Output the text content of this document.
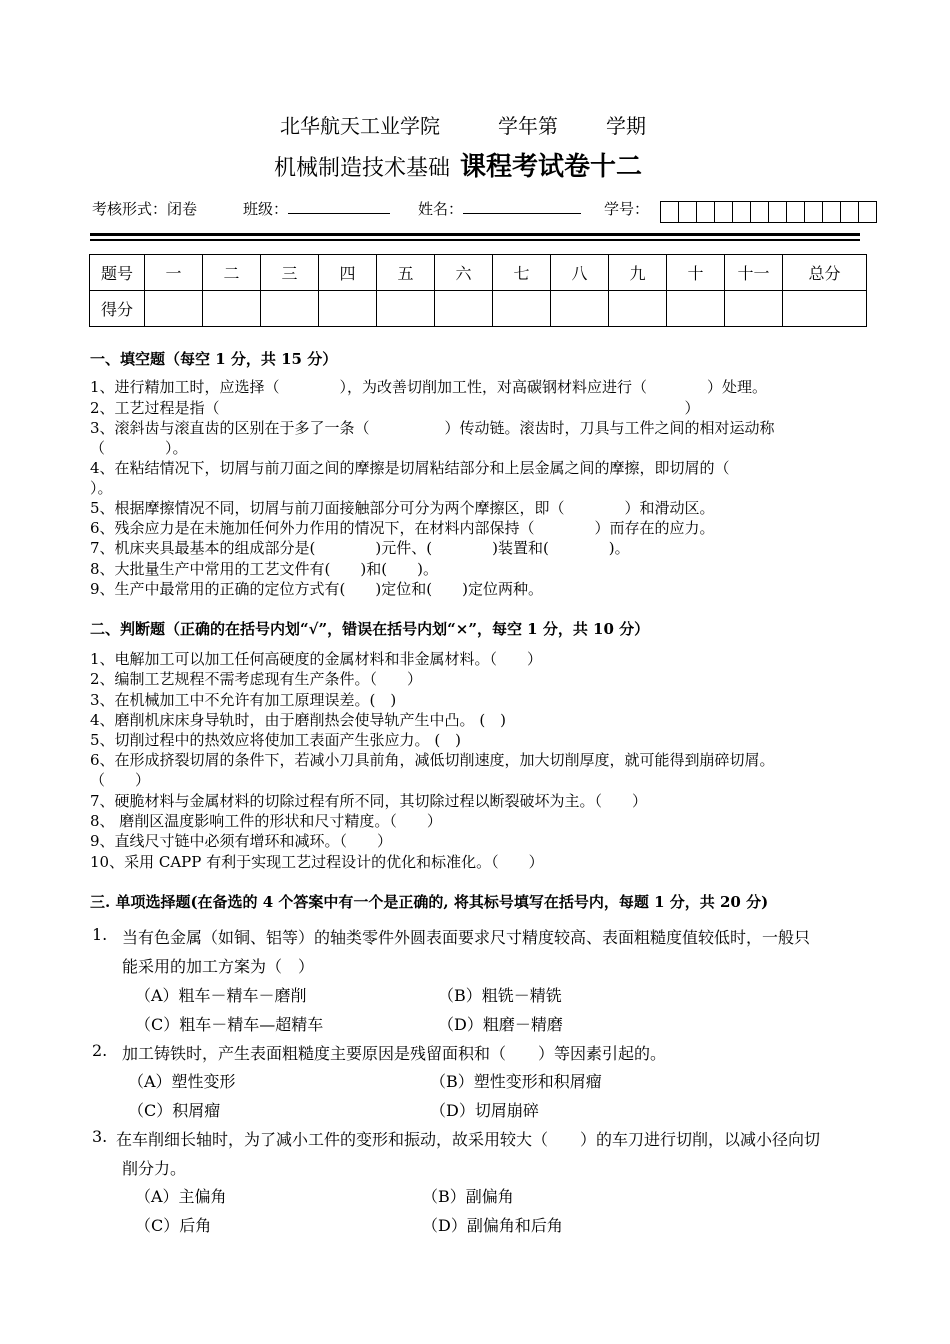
北华航天工业学院	学年第 学期
机械制造技术基础 课程考试卷十二
考核形式：闭卷	班级：	姓名：	学号：
题号	一	二	三	四	五	六	七	八	九	十	十一	总分
得分												
一、填空题（每空 1 分，共 15 分）
1、进行精加工时，应选择（　　　　），为改善切削加工性，对高碳钢材料应进行（　　　　）处理。
2、工艺过程是指（　　　　　　　　　　　　　　　　　　　　　　　　　　　　　　　）
3、滚斜齿与滚直齿的区别在于多了一条（　　　　　）传动链。滚齿时，刀具与工件之间的相对运动称
（　　　　）。
4、在粘结情况下，切屑与前刀面之间的摩擦是切屑粘结部分和上层金属之间的摩擦，即切屑的（
）。
5、根据摩擦情况不同，切屑与前刀面接触部分可分为两个摩擦区，即（　　　　）和滑动区。
6、残余应力是在未施加任何外力作用的情况下，在材料内部保持（　　　　）而存在的应力。
7、机床夹具最基本的组成部分是(　　　　)元件、(　　　　)装置和(　　　　)。
8、大批量生产中常用的工艺文件有(　　)和(　　)。
9、生产中最常用的正确的定位方式有(　　)定位和(　　)定位两种。
二、判断题（正确的在括号内划“√”，错误在括号内划“×”，每空 1 分，共 10 分）
1、电解加工可以加工任何高硬度的金属材料和非金属材料。（　　）
2、编制工艺规程不需考虑现有生产条件。（　　）
3、在机械加工中不允许有加工原理误差。(　)
4、磨削机床床身导轨时，由于磨削热会使导轨产生中凸。 (　)
5、切削过程中的热效应将使加工表面产生张应力。 (　)
6、在形成挤裂切屑的条件下，若减小刀具前角，减低切削速度，加大切削厚度，就可能得到崩碎切屑。
（　　）
7、硬脆材料与金属材料的切除过程有所不同，其切除过程以断裂破坏为主。（　　）
8、 磨削区温度影响工件的形状和尺寸精度。（　　）
9、直线尺寸链中必须有增环和减环。（　　）
10、采用 CAPP 有利于实现工艺过程设计的优化和标准化。（　　）
三. 单项选择题(在备选的 4 个答案中有一个是正确的, 将其标号填写在括号内，每题 1 分，共 20 分)
1. 当有色金属（如铜、铝等）的轴类零件外圆表面要求尺寸精度较高、表面粗糙度值较低时，一般只
能采用的加工方案为（　）
（A）粗车－精车－磨削	（B）粗铣－精铣
（C）粗车－精车—超精车	（D）粗磨－精磨
2. 加工铸铁时，产生表面粗糙度主要原因是残留面积和（　　）等因素引起的。
（A）塑性变形	（B）塑性变形和积屑瘤
（C）积屑瘤	（D）切屑崩碎
3. 在车削细长轴时，为了减小工件的变形和振动，故采用较大（　　）的车刀进行切削，以减小径向切
削分力。
（A）主偏角	（B）副偏角
（C）后角	（D）副偏角和后角
